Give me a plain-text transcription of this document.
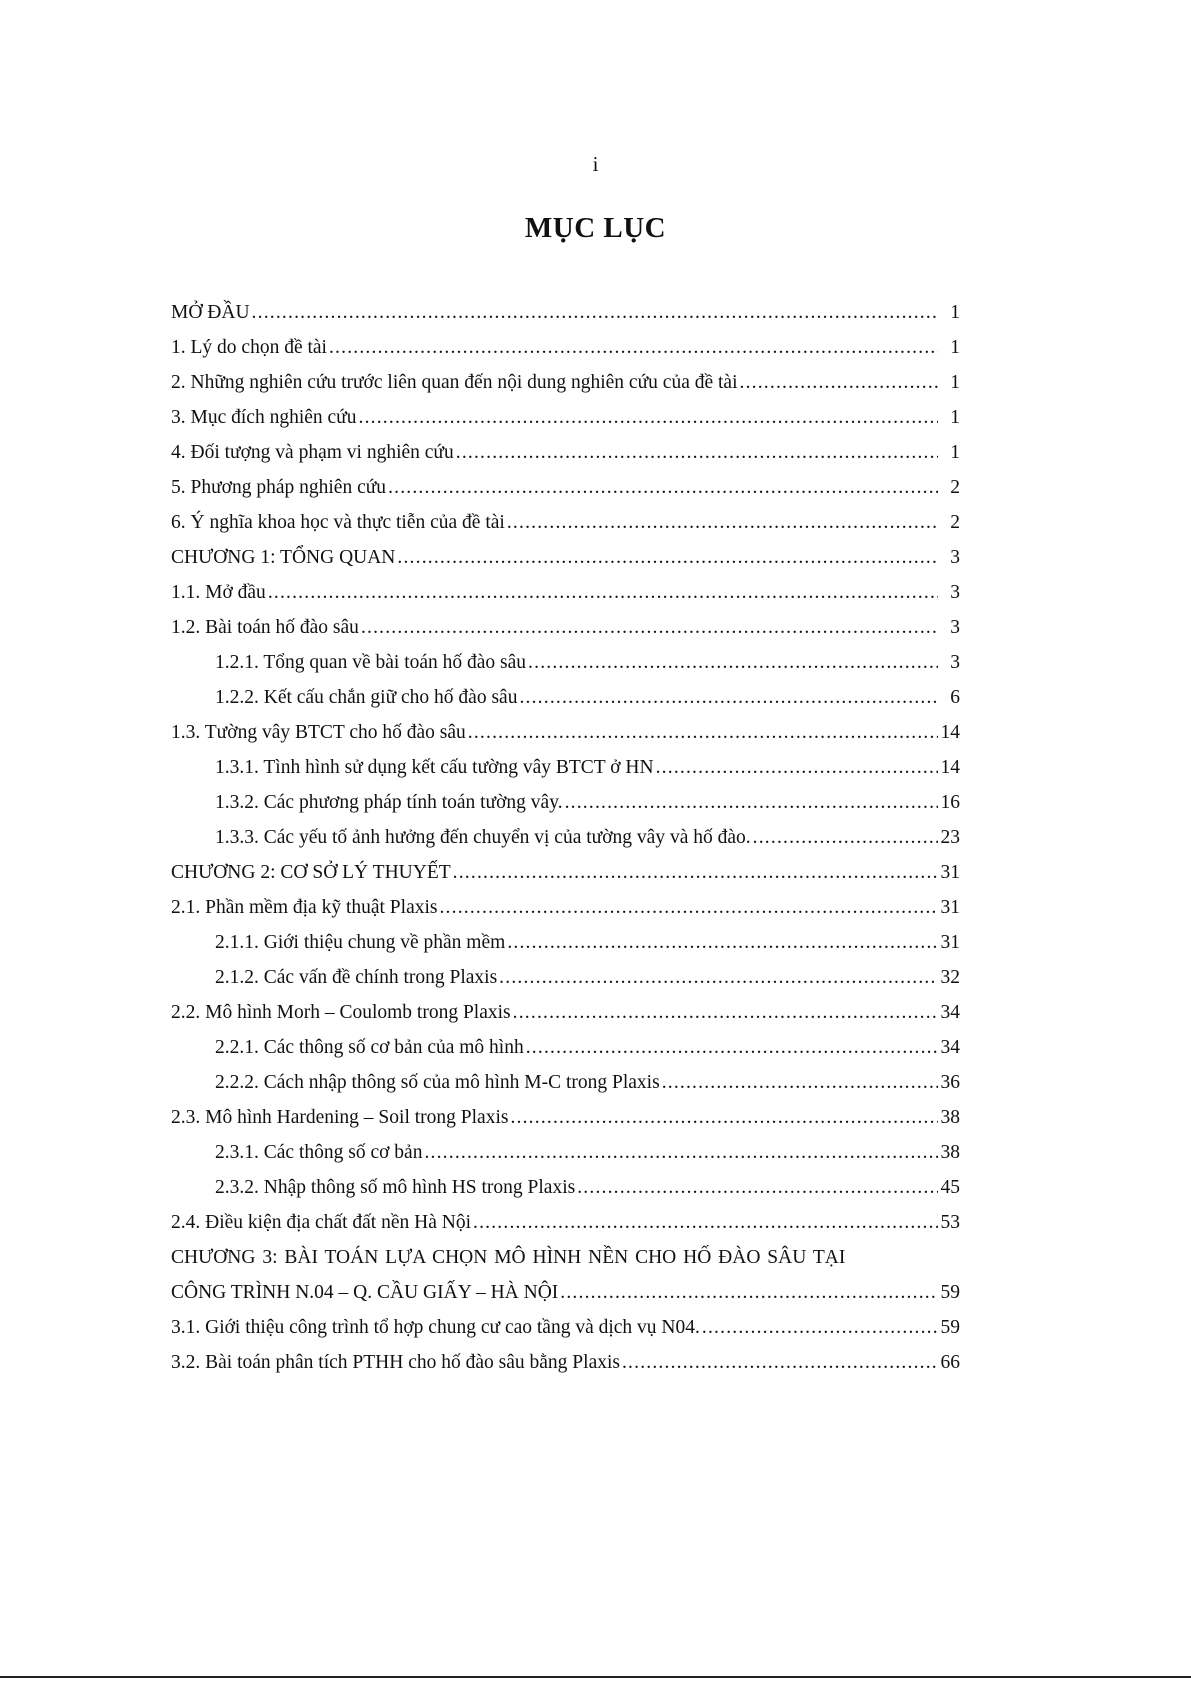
i
MỤC LỤC
MỞ ĐẦU .....	1
1. Lý do chọn đề tài .....	1
2. Những nghiên cứu trước liên quan đến nội dung nghiên cứu của đề tài .....	1
3. Mục đích nghiên cứu .....	1
4. Đối tượng và phạm vi nghiên cứu .....	1
5. Phương pháp nghiên cứu .....	2
6. Ý nghĩa khoa học và thực tiễn của đề tài .....	2
CHƯƠNG 1: TỔNG QUAN .....	3
1.1. Mở đầu .....	3
1.2. Bài toán hố đào sâu .....	3
1.2.1. Tổng quan về bài toán hố đào sâu .....	3
1.2.2. Kết cấu chắn giữ cho hố đào sâu .....	6
1.3. Tường vây BTCT cho hố đào sâu .....	14
1.3.1. Tình hình sử dụng kết cấu tường vây BTCT ở HN .....	14
1.3.2. Các phương pháp tính toán tường vây. .....	16
1.3.3. Các yếu tố ảnh hưởng đến chuyển vị của tường vây và hố đào. .....	23
CHƯƠNG 2: CƠ SỞ LÝ THUYẾT .....	31
2.1. Phần mềm địa kỹ thuật Plaxis .....	31
2.1.1. Giới thiệu chung về phần mềm .....	31
2.1.2. Các vấn đề chính trong Plaxis .....	32
2.2. Mô hình Morh – Coulomb trong Plaxis .....	34
2.2.1. Các thông số cơ bản của mô hình .....	34
2.2.2. Cách nhập thông số của mô hình M-C trong Plaxis .....	36
2.3. Mô hình Hardening – Soil trong Plaxis .....	38
2.3.1. Các thông số cơ bản .....	38
2.3.2. Nhập thông số mô hình HS trong Plaxis .....	45
2.4. Điều kiện địa chất đất nền Hà Nội .....	53
CHƯƠNG 3: BÀI TOÁN LỰA CHỌN MÔ HÌNH NỀN CHO HỐ ĐÀO SÂU TẠI
CÔNG TRÌNH N.04 – Q. CẦU GIẤY – HÀ NỘI .....	59
3.1. Giới thiệu công trình tổ hợp chung cư cao tầng và dịch vụ N04. .....	59
3.2. Bài toán phân tích PTHH cho hố đào sâu bằng Plaxis .....	66
